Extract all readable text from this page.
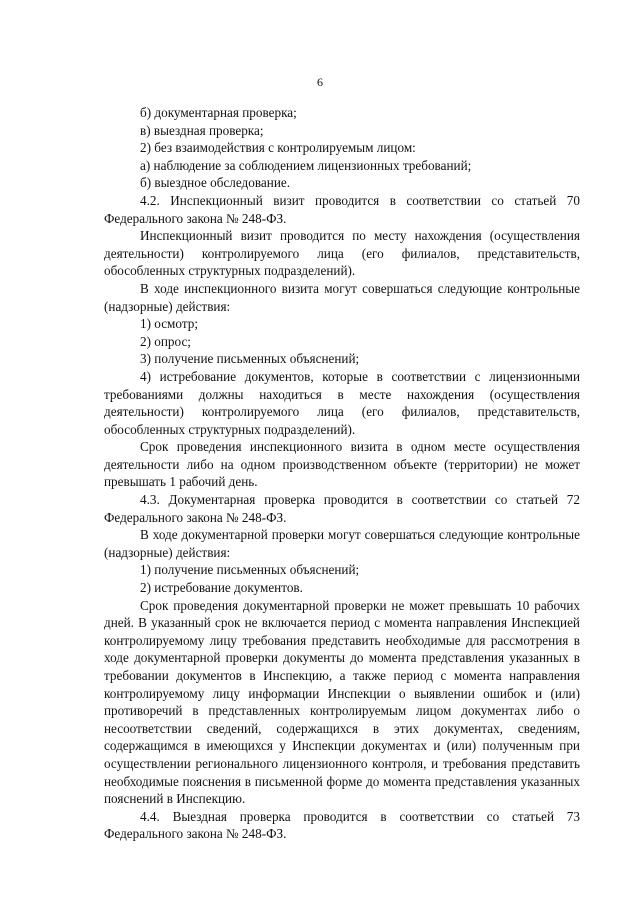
6

б) документарная проверка;

в) выездная проверка;

2) без взаимодействия с контролируемым лицом:

а) наблюдение за соблюдением лицензионных требований;

б) выездное обследование.

4.2. Инспекционный визит проводится в соответствии со статьей 70 Федерального закона № 248-ФЗ.

Инспекционный визит проводится по месту нахождения (осуществления деятельности) контролируемого лица (его филиалов, представительств, обособленных структурных подразделений).

В ходе инспекционного визита могут совершаться следующие контрольные (надзорные) действия:

1) осмотр;

2) опрос;

3) получение письменных объяснений;

4) истребование документов, которые в соответствии с лицензионными требованиями должны находиться в месте нахождения (осуществления деятельности) контролируемого лица (его филиалов, представительств, обособленных структурных подразделений).

Срок проведения инспекционного визита в одном месте осуществления деятельности либо на одном производственном объекте (территории) не может превышать 1 рабочий день.

4.3. Документарная проверка проводится в соответствии со статьей 72 Федерального закона № 248-ФЗ.

В ходе документарной проверки могут совершаться следующие контрольные (надзорные) действия:

1) получение письменных объяснений;

2) истребование документов.

Срок проведения документарной проверки не может превышать 10 рабочих дней. В указанный срок не включается период с момента направления Инспекцией контролируемому лицу требования представить необходимые для рассмотрения в ходе документарной проверки документы до момента представления указанных в требовании документов в Инспекцию, а также период с момента направления контролируемому лицу информации Инспекции о выявлении ошибок и (или) противоречий в представленных контролируемым лицом документах либо о несоответствии сведений, содержащихся в этих документах, сведениям, содержащимся в имеющихся у Инспекции документах и (или) полученным при осуществлении регионального лицензионного контроля, и требования представить необходимые пояснения в письменной форме до момента представления указанных пояснений в Инспекцию.

4.4. Выездная проверка проводится в соответствии со статьей 73 Федерального закона № 248-ФЗ.
